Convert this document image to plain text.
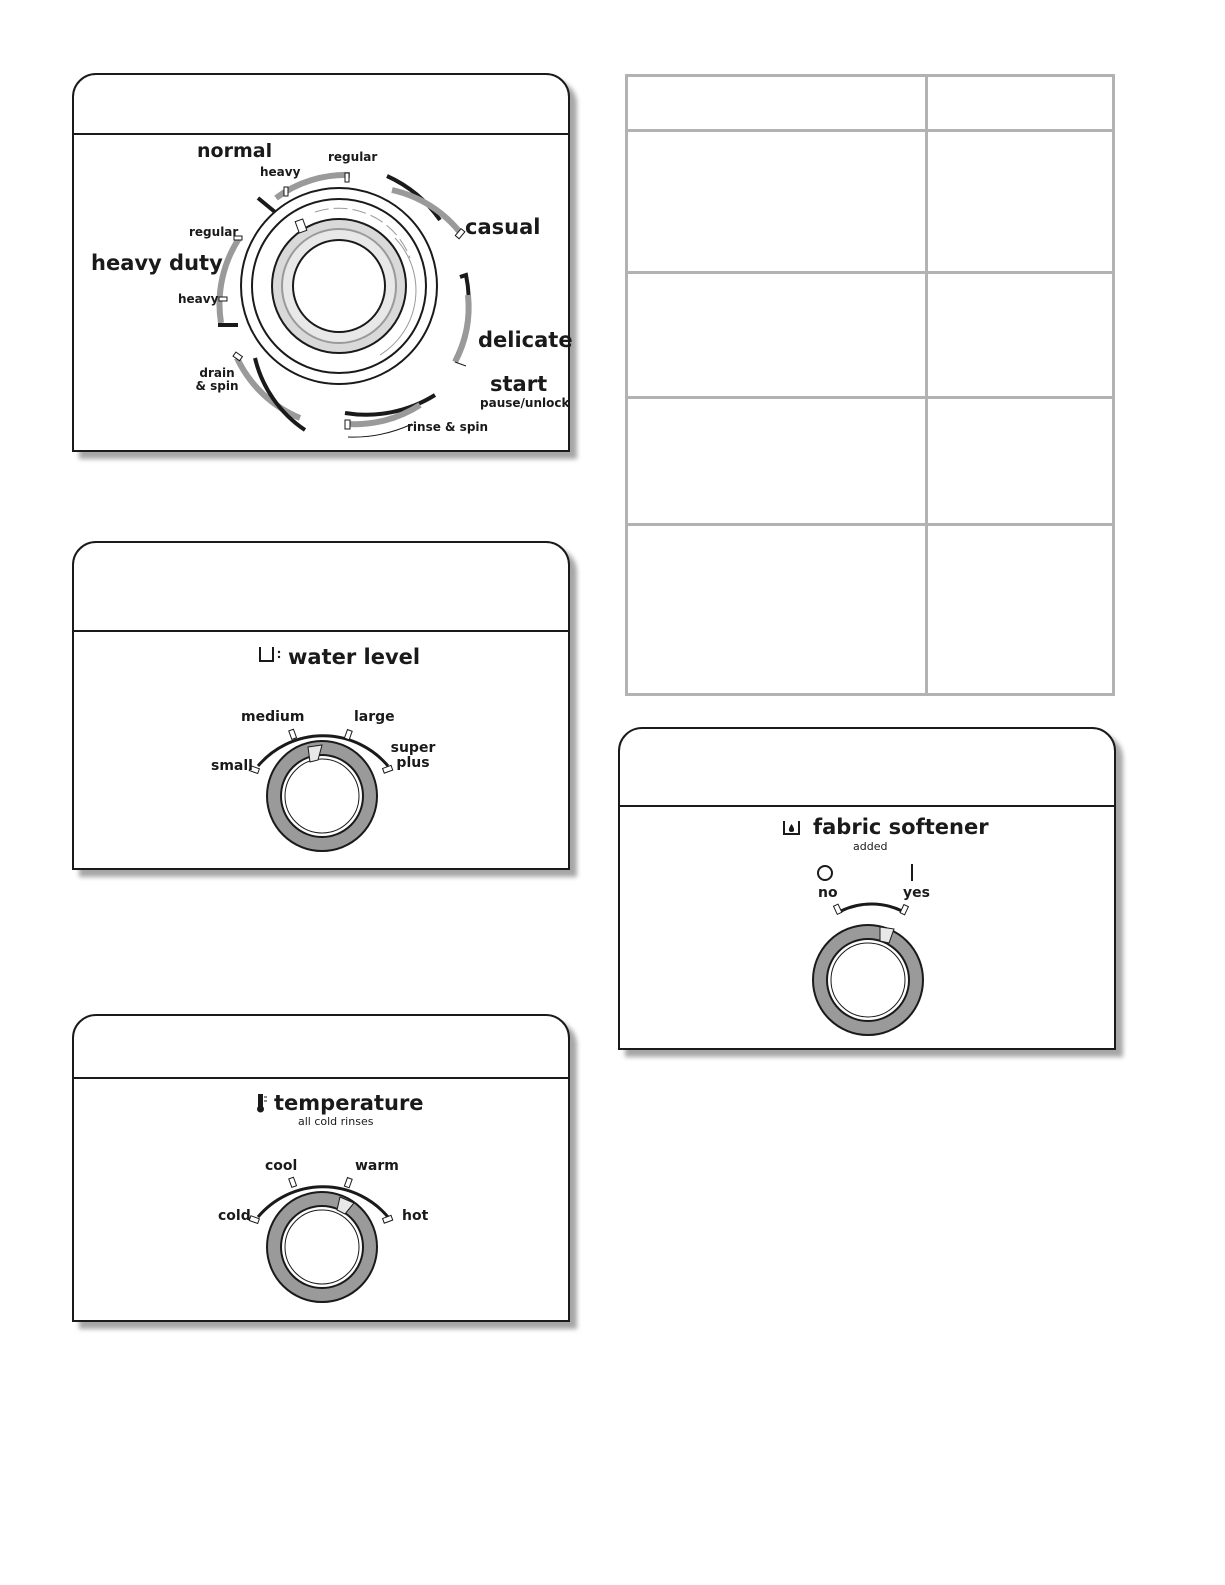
normal	regular
heavy
casual
regular
heavy duty
heavy
delicate
drain
& spin	start
pause/unlock
rinse & spin
water level
small
medium	large
super
plus
temperature
all cold rinses
cold
cool	warm
hot
fabric softener
added
no	yes
